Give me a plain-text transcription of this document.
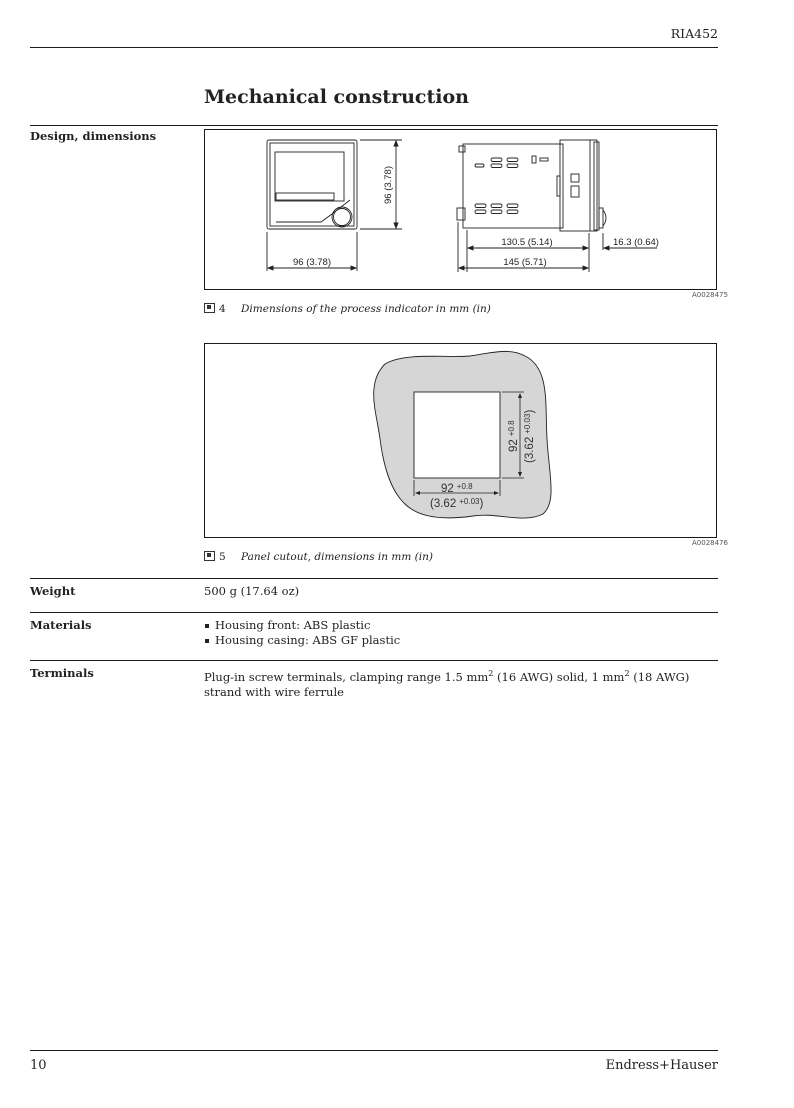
RIA452
Mechanical construction
Design, dimensions
96 (3.78)
96 (3.78)
130.5 (5.14)	16.3 (0.64)
145 (5.71)
A0028475
4 Dimensions of the process indicator in mm (in)
92 $^{+0.8}$
(3.62 $^{+0.03}$)
$92^{+0.8}$
$(3.62^{+0.03})$
A0028476
5 Panel cutout, dimensions in mm (in)
Weight	500 g (17.64 oz)
Materials	Housing front: ABS plastic
Housing casing: ABS GF plastic
Terminals	Plug-in screw terminals, clamping range 1.5 $mm^2$ (16 AWG) solid, 1 $mm^2$ (18 AWG) strand with wire ferrule
10	Endress+Hauser
